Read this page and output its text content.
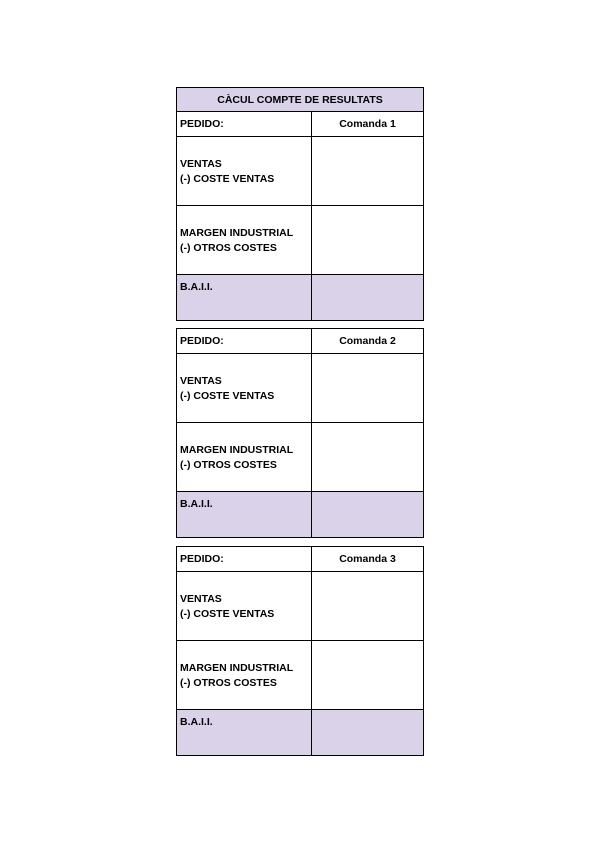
CÀCUL COMPTE DE RESULTATS	
PEDIDO:	Comanda 1

VENTAS
(-) COSTE VENTAS	

MARGEN INDUSTRIAL
(-) OTROS COSTES	

B.A.I.I.	
PEDIDO:	Comanda 2

VENTAS
(-) COSTE VENTAS	

MARGEN INDUSTRIAL
(-) OTROS COSTES	

B.A.I.I.	
PEDIDO:	Comanda 3

VENTAS
(-) COSTE VENTAS	

MARGEN INDUSTRIAL
(-) OTROS COSTES	

B.A.I.I.	
